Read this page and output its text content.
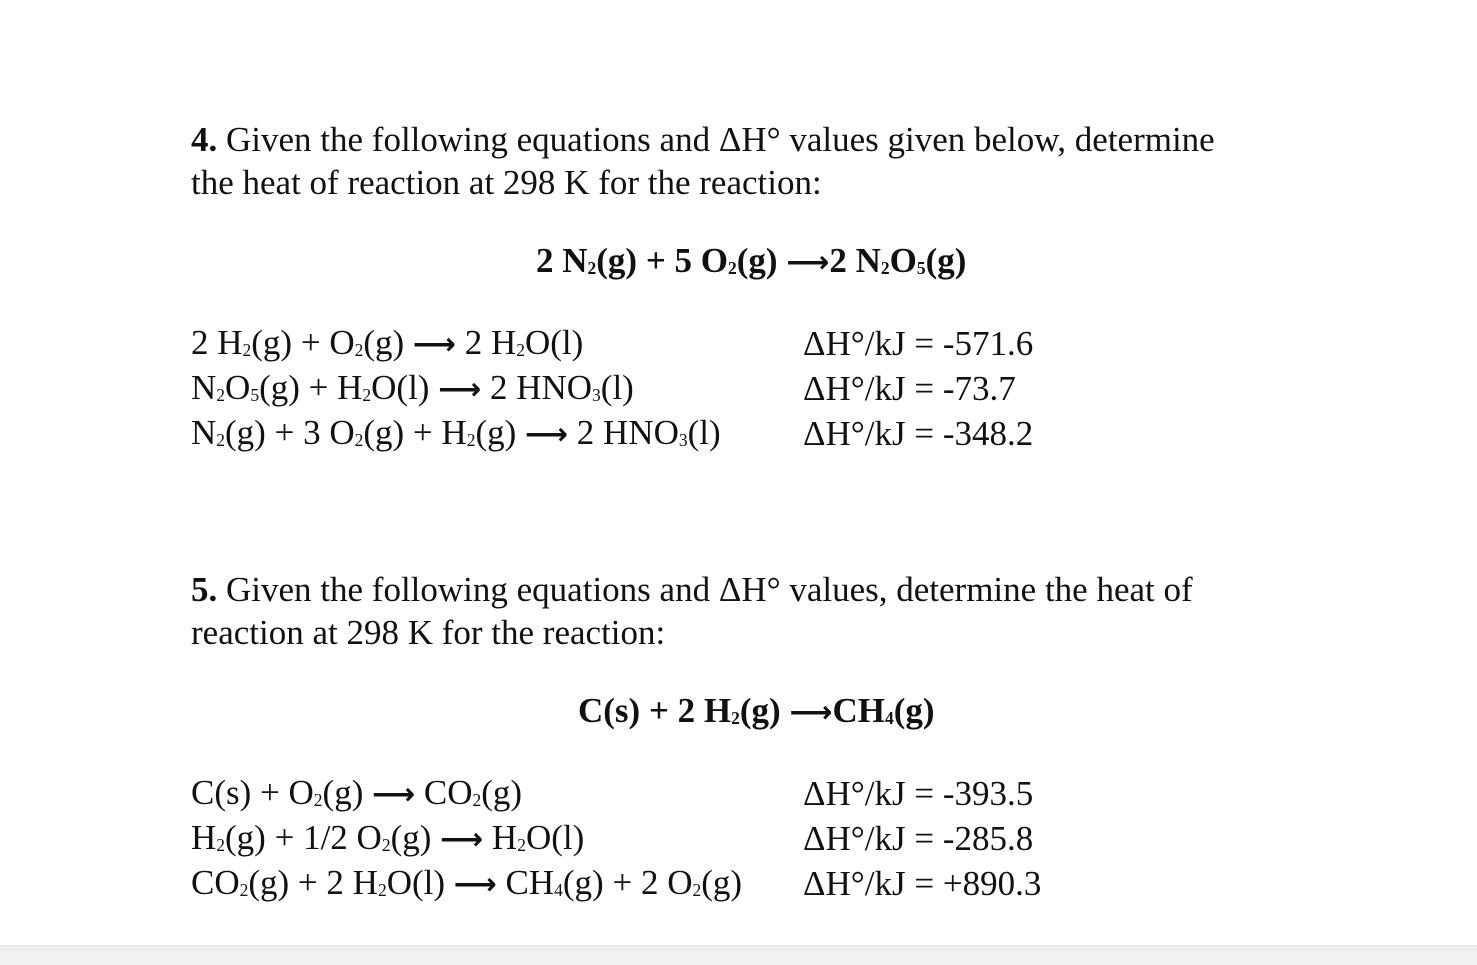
4. Given the following equations and ΔH° values given below, determine
the heat of reaction at 298 K for the reaction:

2 $N_2(g) + 5$ $O_2(g)$ ⟶2 $N_2O_5(g)$
2 $H_2(g) + O_2(g)$ ⟶ 2 $H_2O(l)$	ΔH°/kJ = -571.6
$N_2O_5(g) + H_2O(l)$ ⟶ 2 $HNO_3(l)$	ΔH°/kJ = -73.7
$N_2(g) + 3$ $O_2(g) + H_2(g)$ ⟶ 2 $HNO_3(l)$	ΔH°/kJ = -348.2

5. Given the following equations and ΔH° values, determine the heat of
reaction at 298 K for the reaction:

C(s) + 2 $H_2(g)$ $⟶CH_4(g)$
$C(s) + O_2(g)$ ⟶ $CO_2(g)$	ΔH°/kJ = -393.5
$H_2(g) + 1/2$ $O_2(g)$ ⟶ $H_2O(l)$	ΔH°/kJ = -285.8
$CO_2(g) + 2$ $H_2O(l)$ ⟶ $CH_4(g) + 2$ $O_2(g)$	ΔH°/kJ = +890.3
